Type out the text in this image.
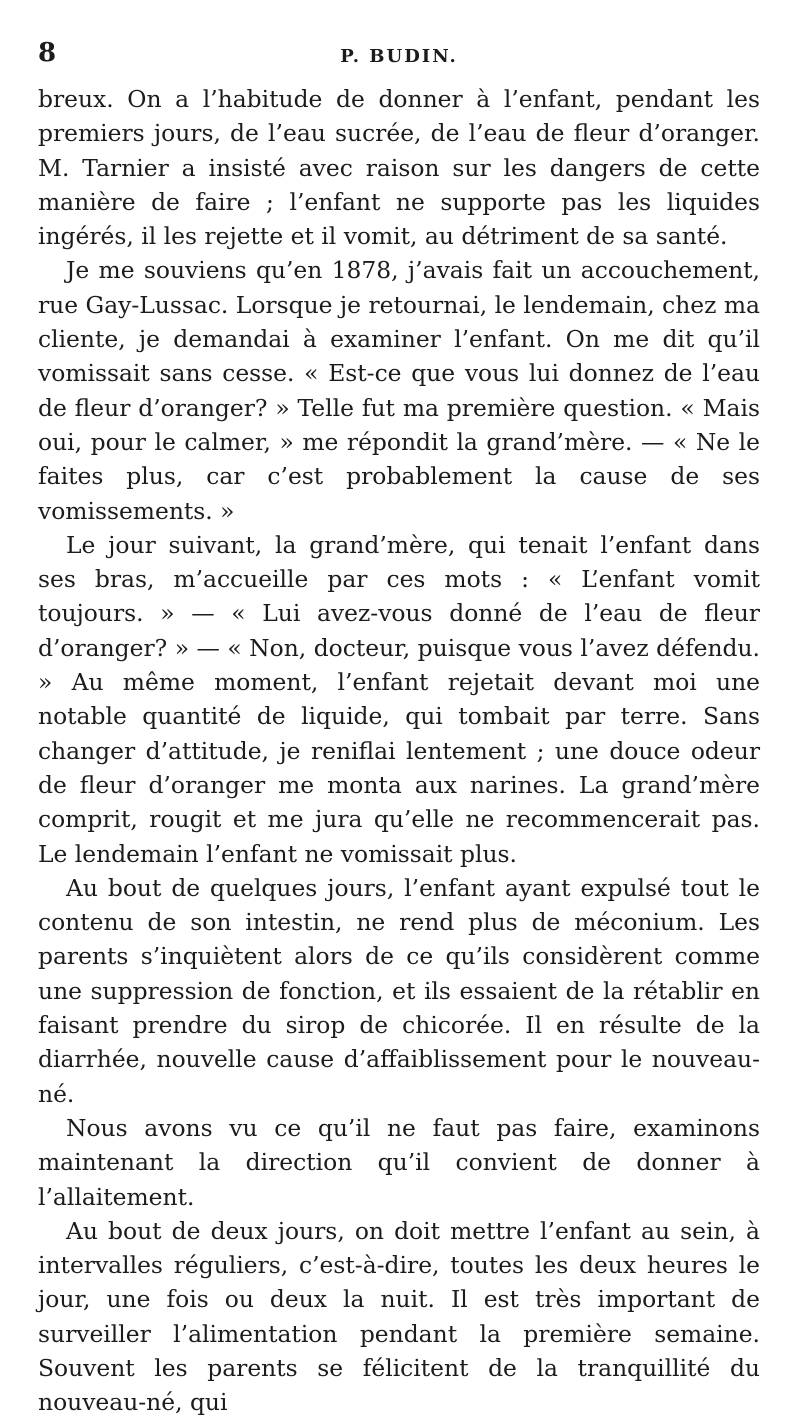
8	P. BUDIN.

breux. On a l’habitude de donner à l’enfant, pendant les premiers jours, de l’eau sucrée, de l’eau de fleur d’oranger. M. Tarnier a insisté avec raison sur les dangers de cette manière de faire ; l’enfant ne supporte pas les liquides ingérés, il les rejette et il vomit, au détriment de sa santé.

Je me souviens qu’en 1878, j’avais fait un accouchement, rue Gay-Lussac. Lorsque je retournai, le lendemain, chez ma cliente, je demandai à examiner l’enfant. On me dit qu’il vomissait sans cesse. « Est-ce que vous lui donnez de l’eau de fleur d’oranger? » Telle fut ma première question. « Mais oui, pour le calmer, » me répondit la grand’mère. — « Ne le faites plus, car c’est probablement la cause de ses vomissements. »

Le jour suivant, la grand’mère, qui tenait l’enfant dans ses bras, m’accueille par ces mots : « L’enfant vomit toujours. » — « Lui avez-vous donné de l’eau de fleur d’oranger? » — « Non, docteur, puisque vous l’avez défendu. » Au même moment, l’enfant rejetait devant moi une notable quantité de liquide, qui tombait par terre. Sans changer d’attitude, je reniflai lentement ; une douce odeur de fleur d’oranger me monta aux narines. La grand’mère comprit, rougit et me jura qu’elle ne recommencerait pas. Le lendemain l’enfant ne vomissait plus.

Au bout de quelques jours, l’enfant ayant expulsé tout le contenu de son intestin, ne rend plus de méconium. Les parents s’inquiètent alors de ce qu’ils considèrent comme une suppression de fonction, et ils essaient de la rétablir en faisant prendre du sirop de chicorée. Il en résulte de la diarrhée, nouvelle cause d’affaiblissement pour le nouveau-né.

Nous avons vu ce qu’il ne faut pas faire, examinons maintenant la direction qu’il convient de donner à l’allaitement.

Au bout de deux jours, on doit mettre l’enfant au sein, à intervalles réguliers, c’est-à-dire, toutes les deux heures le jour, une fois ou deux la nuit. Il est très important de surveiller l’alimentation pendant la première semaine. Souvent les parents se félicitent de la tranquillité du nouveau-né, qui
